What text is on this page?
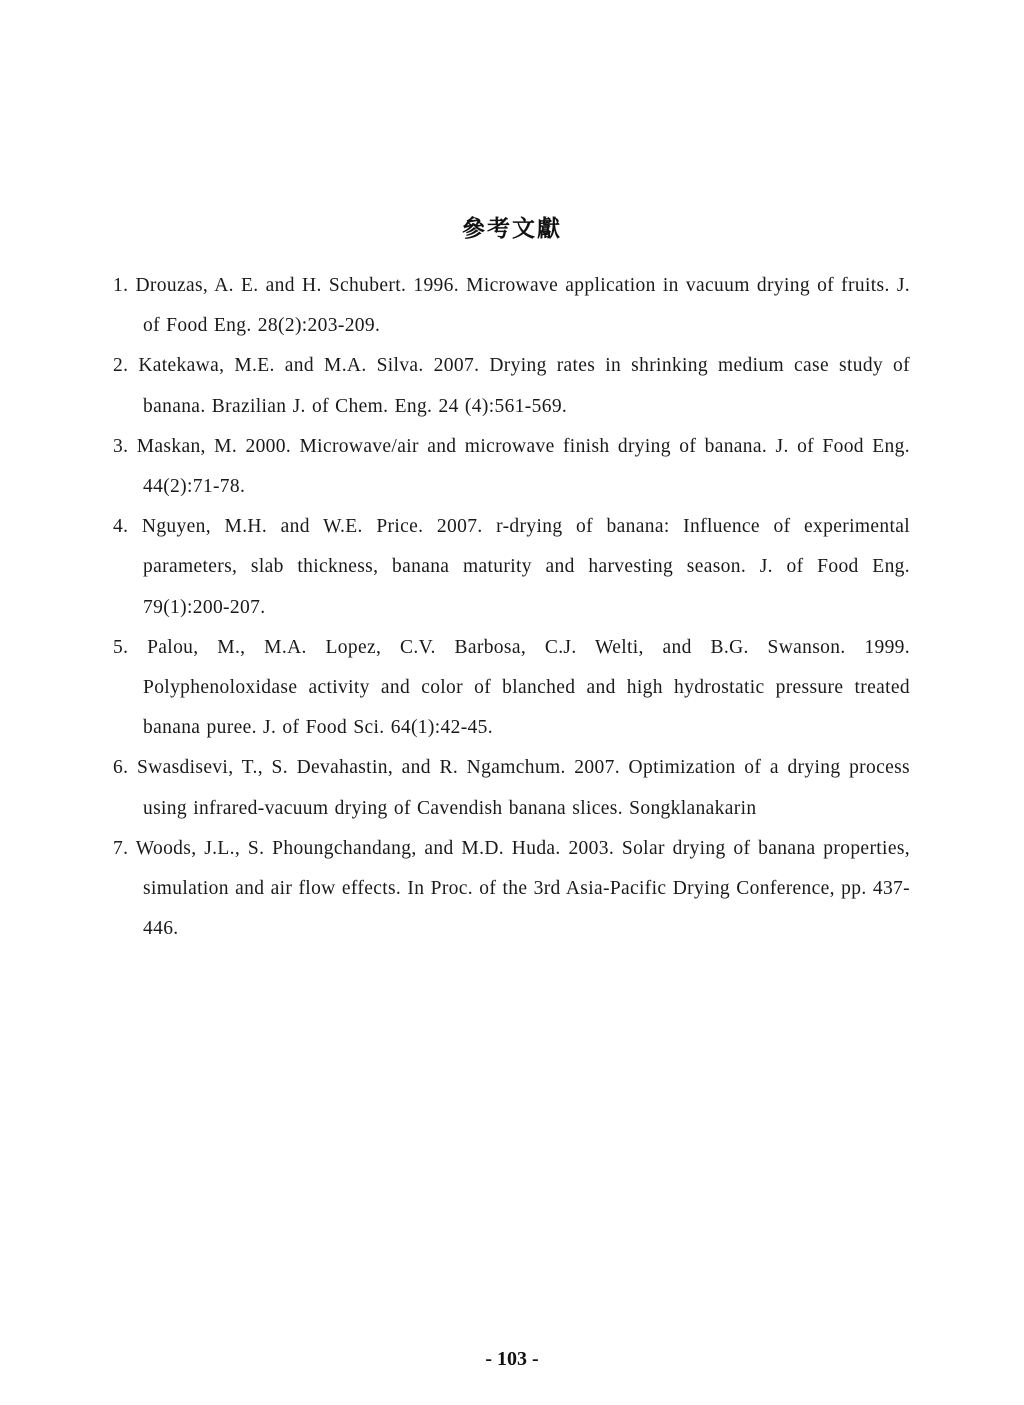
參考文獻
1. Drouzas, A. E. and H. Schubert. 1996. Microwave application in vacuum drying of fruits. J. of Food Eng. 28(2):203-209.
2. Katekawa, M.E. and M.A. Silva. 2007. Drying rates in shrinking medium case study of banana. Brazilian J. of Chem. Eng. 24 (4):561-569.
3. Maskan, M. 2000. Microwave/air and microwave finish drying of banana. J. of Food Eng. 44(2):71-78.
4. Nguyen, M.H. and W.E. Price. 2007. r-drying of banana: Influence of experimental parameters, slab thickness, banana maturity and harvesting season. J. of Food Eng. 79(1):200-207.
5. Palou, M., M.A. Lopez, C.V. Barbosa, C.J. Welti, and B.G. Swanson. 1999. Polyphenoloxidase activity and color of blanched and high hydrostatic pressure treated banana puree. J. of Food Sci. 64(1):42-45.
6. Swasdisevi, T., S. Devahastin, and R. Ngamchum. 2007. Optimization of a drying process using infrared-vacuum drying of Cavendish banana slices. Songklanakarin
7. Woods, J.L., S. Phoungchandang, and M.D. Huda. 2003. Solar drying of banana properties, simulation and air flow effects. In Proc. of the 3rd Asia-Pacific Drying Conference, pp. 437-446.
- 103 -
